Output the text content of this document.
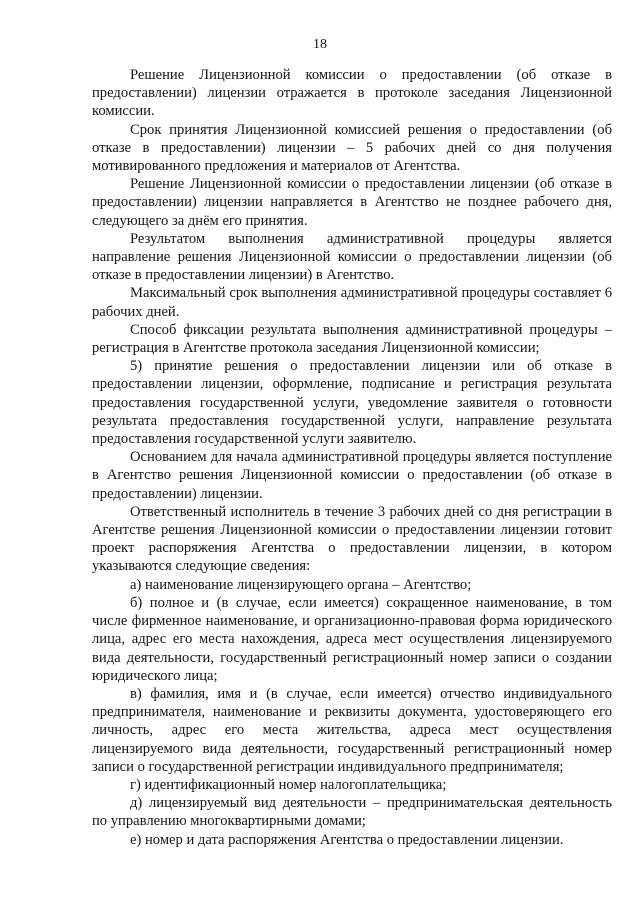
18

Решение Лицензионной комиссии о предоставлении (об отказе в предоставлении) лицензии отражается в протоколе заседания Лицензионной комиссии.

Срок принятия Лицензионной комиссией решения о предоставлении (об отказе в предоставлении) лицензии – 5 рабочих дней со дня получения мотивированного предложения и материалов от Агентства.

Решение Лицензионной комиссии о предоставлении лицензии (об отказе в предоставлении) лицензии направляется в Агентство не позднее рабочего дня, следующего за днём его принятия.

Результатом выполнения административной процедуры является направление решения Лицензионной комиссии о предоставлении лицензии (об отказе в предоставлении лицензии) в Агентство.

Максимальный срок выполнения административной процедуры составляет 6 рабочих дней.

Способ фиксации результата выполнения административной процедуры – регистрация в Агентстве протокола заседания Лицензионной комиссии;

5) принятие решения о предоставлении лицензии или об отказе в предоставлении лицензии, оформление, подписание и регистрация результата предоставления государственной услуги, уведомление заявителя о готовности результата предоставления государственной услуги, направление результата предоставления государственной услуги заявителю.

Основанием для начала административной процедуры является поступление в Агентство решения Лицензионной комиссии о предоставлении (об отказе в предоставлении) лицензии.

Ответственный исполнитель в течение 3 рабочих дней со дня регистрации в Агентстве решения Лицензионной комиссии о предоставлении лицензии готовит проект распоряжения Агентства о предоставлении лицензии, в котором указываются следующие сведения:

а) наименование лицензирующего органа – Агентство;

б) полное и (в случае, если имеется) сокращенное наименование, в том числе фирменное наименование, и организационно-правовая форма юридического лица, адрес его места нахождения, адреса мест осуществления лицензируемого вида деятельности, государственный регистрационный номер записи о создании юридического лица;

в) фамилия, имя и (в случае, если имеется) отчество индивидуального предпринимателя, наименование и реквизиты документа, удостоверяющего его личность, адрес его места жительства, адреса мест осуществления лицензируемого вида деятельности, государственный регистрационный номер записи о государственной регистрации индивидуального предпринимателя;

г) идентификационный номер налогоплательщика;

д) лицензируемый вид деятельности – предпринимательская деятельность по управлению многоквартирными домами;

е) номер и дата распоряжения Агентства о предоставлении лицензии.
